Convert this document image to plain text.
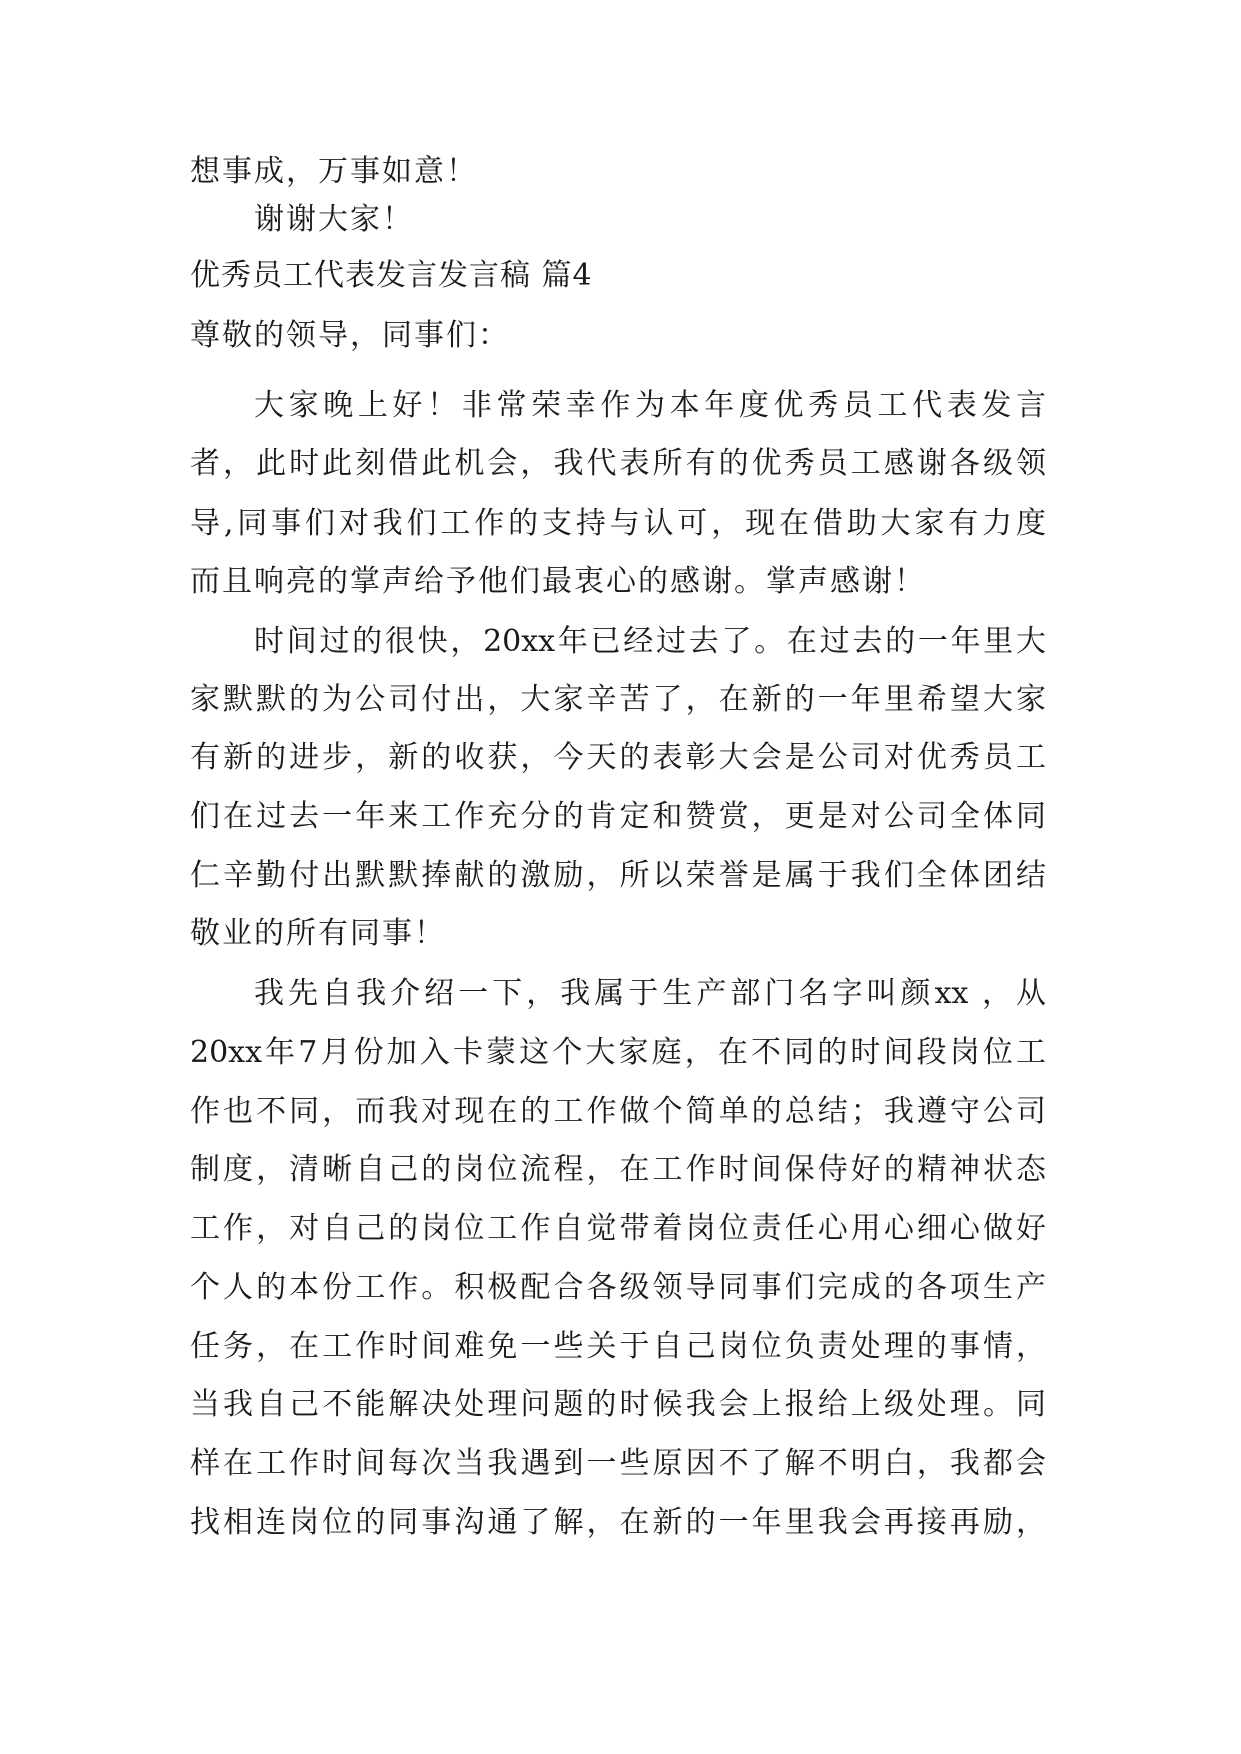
想事成，万事如意！
谢谢大家！
优秀员工代表发言发言稿 篇4
尊敬的领导，同事们：
大家晚上好！非常荣幸作为本年度优秀员工代表发言
者，此时此刻借此机会，我代表所有的优秀员工感谢各级领
导,同事们对我们工作的支持与认可，现在借助大家有力度
而且响亮的掌声给予他们最衷心的感谢。掌声感谢！
时间过的很快，20xx年已经过去了。在过去的一年里大
家默默的为公司付出，大家辛苦了，在新的一年里希望大家
有新的进步，新的收获，今天的表彰大会是公司对优秀员工
们在过去一年来工作充分的肯定和赞赏，更是对公司全体同
仁辛勤付出默默捧献的激励，所以荣誉是属于我们全体团结
敬业的所有同事！
我先自我介绍一下，我属于生产部门名字叫颜xx ，从
20xx年7月份加入卡蒙这个大家庭，在不同的时间段岗位工
作也不同，而我对现在的工作做个简单的总结；我遵守公司
制度，清晰自己的岗位流程，在工作时间保侍好的精神状态
工作，对自己的岗位工作自觉带着岗位责任心用心细心做好
个人的本份工作。积极配合各级领导同事们完成的各项生产
任务，在工作时间难免一些关于自己岗位负责处理的事情，
当我自己不能解决处理问题的时候我会上报给上级处理。同
样在工作时间每次当我遇到一些原因不了解不明白，我都会
找相连岗位的同事沟通了解，在新的一年里我会再接再励，
